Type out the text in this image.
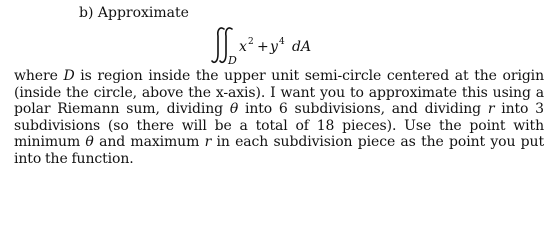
b) Approximate
D
x 2 + y 4 dA
where D is region inside the upper unit semi-circle centered at the origin (inside the circle, above the x-axis). I want you to approximate this using a polar Riemann sum, dividing θ into 6 subdivisions, and dividing r into 3 subdivisions (so there will be a total of 18 pieces). Use the point with minimum θ and maximum r in each subdivision piece as the point you put into the function.
